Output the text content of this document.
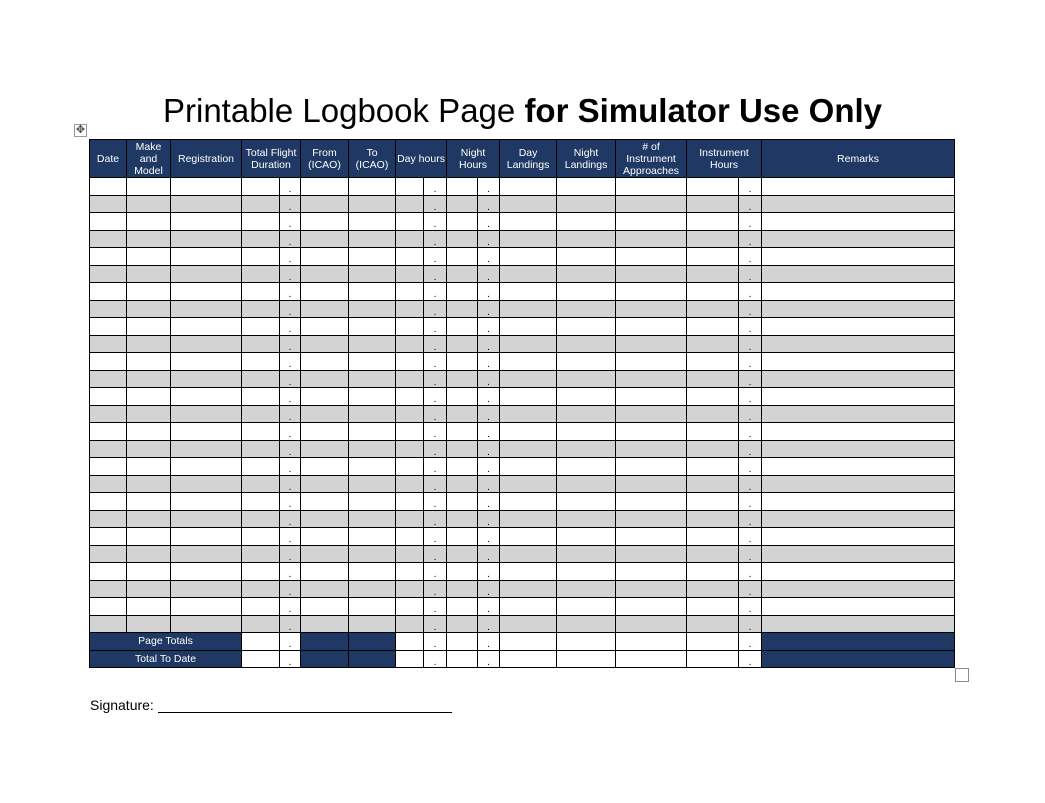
Printable Logbook Page for Simulator Use Only
✥
Date	Make and Model	Registration	Total Flight Duration		From (ICAO)	To (ICAO)	Day hours		Night Hours		Day Landings	Night Landings	# of Instrument Approaches	Instrument Hours		Remarks
				.				.		.					.	
				.				.		.					.	
				.				.		.					.	
				.				.		.					.	
				.				.		.					.	
				.				.		.					.	
				.				.		.					.	
				.				.		.					.	
				.				.		.					.	
				.				.		.					.	
				.				.		.					.	
				.				.		.					.	
				.				.		.					.	
				.				.		.					.	
				.				.		.					.	
				.				.		.					.	
				.				.		.					.	
				.				.		.					.	
				.				.		.					.	
				.				.		.					.	
				.				.		.					.	
				.				.		.					.	
				.				.		.					.	
				.				.		.					.	
				.				.		.					.	
				.				.		.					.	
Page Totals				.				.		.					.	
Total To Date				.				.		.					.	
Signature:
